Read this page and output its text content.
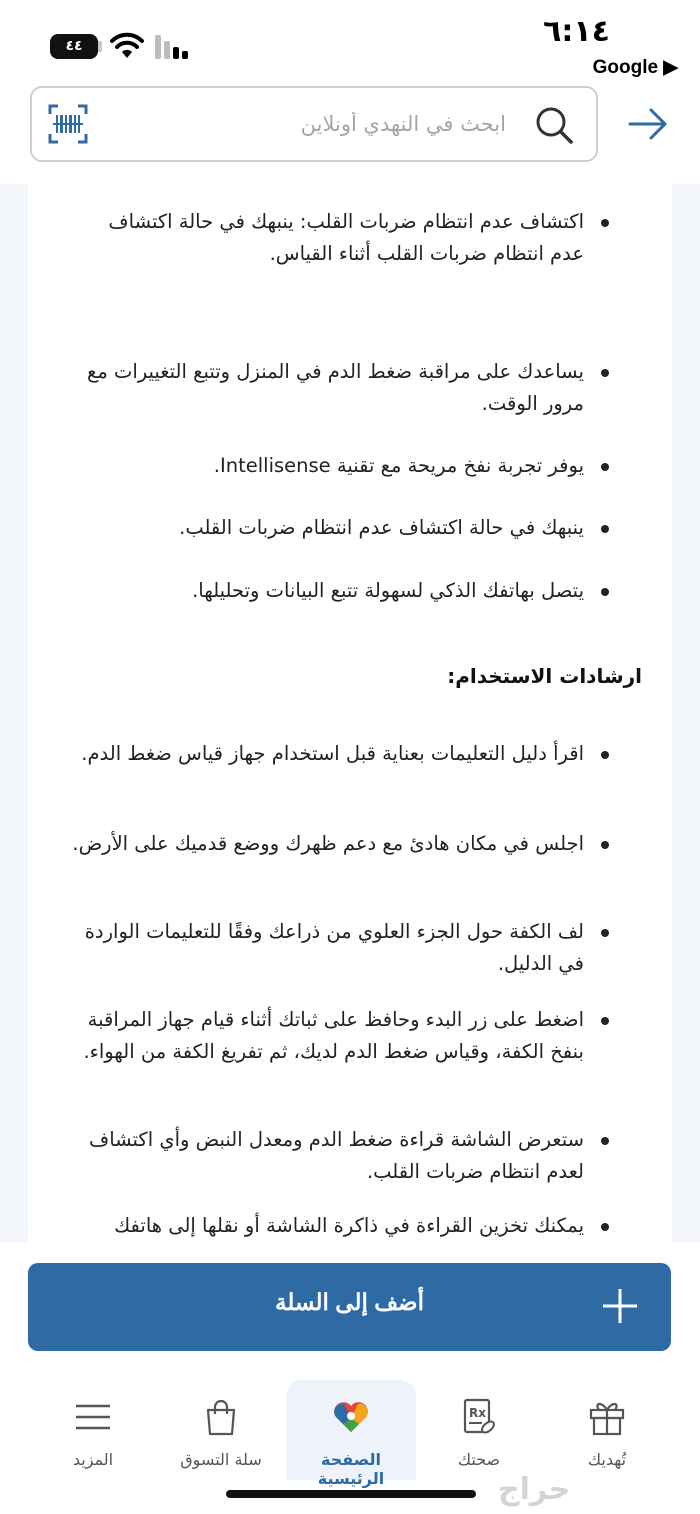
٦:١٤
Google ▶
٤٤
ابحث في النهدي أونلاين
اكتشاف عدم انتظام ضربات القلب: ينبهك في حالة اكتشاف عدم انتظام ضربات القلب أثناء القياس.
يساعدك على مراقبة ضغط الدم في المنزل وتتبع التغييرات مع مرور الوقت.
يوفر تجربة نفخ مريحة مع تقنية Intellisense.
ينبهك في حالة اكتشاف عدم انتظام ضربات القلب.
يتصل بهاتفك الذكي لسهولة تتبع البيانات وتحليلها.
ارشادات الاستخدام:
اقرأ دليل التعليمات بعناية قبل استخدام جهاز قياس ضغط الدم.
اجلس في مكان هادئ مع دعم ظهرك ووضع قدميك على الأرض.
لف الكفة حول الجزء العلوي من ذراعك وفقًا للتعليمات الواردة في الدليل.
اضغط على زر البدء وحافظ على ثباتك أثناء قيام جهاز المراقبة بنفخ الكفة، وقياس ضغط الدم لديك، ثم تفريغ الكفة من الهواء.
ستعرض الشاشة قراءة ضغط الدم ومعدل النبض وأي اكتشاف لعدم انتظام ضربات القلب.
يمكنك تخزين القراءة في ذاكرة الشاشة أو نقلها إلى هاتفك
أضف إلى السلة
تُهديك
Rx
صحتك
الصفحة الرئيسية
سلة التسوق
المزيد
حراج
